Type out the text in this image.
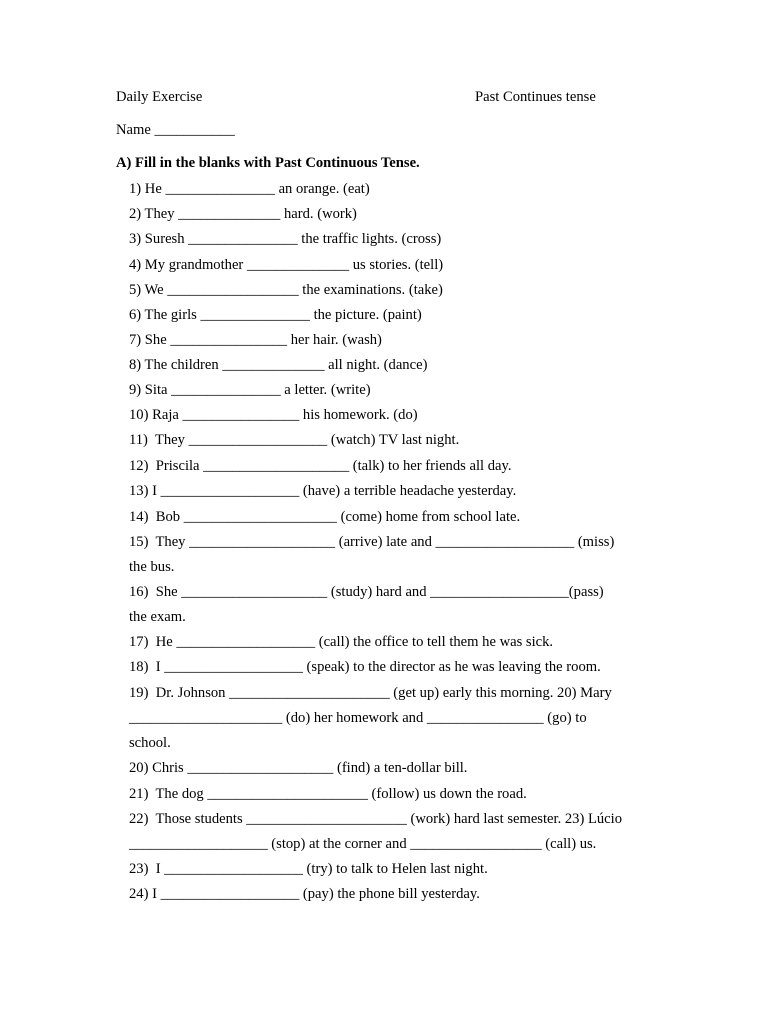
Daily Exercise	Past Continues tense
Name ___________
A) Fill in the blanks with Past Continuous Tense.
1) He _______________ an orange. (eat)
2) They ______________ hard. (work)
3) Suresh _______________ the traffic lights. (cross)
4) My grandmother ______________ us stories. (tell)
5) We __________________ the examinations. (take)
6) The girls _______________ the picture. (paint)
7) She ________________ her hair. (wash)
8) The children ______________ all night. (dance)
9) Sita _______________ a letter. (write)
10) Raja ________________ his homework. (do)
11)  They ___________________ (watch) TV last night.
12)  Priscila ____________________ (talk) to her friends all day.
13) I ___________________ (have) a terrible headache yesterday.
14)  Bob _____________________ (come) home from school late.
15)  They ____________________ (arrive) late and ___________________ (miss)
the bus.
16)  She ____________________ (study) hard and ___________________(pass)
the exam.
17)  He ___________________ (call) the office to tell them he was sick.
18)  I ___________________ (speak) to the director as he was leaving the room.
19)  Dr. Johnson ______________________ (get up) early this morning. 20) Mary
_____________________ (do) her homework and ________________ (go) to
school.
20) Chris ____________________ (find) a ten-dollar bill.
21)  The dog ______________________ (follow) us down the road.
22)  Those students ______________________ (work) hard last semester. 23) Lúcio
___________________ (stop) at the corner and __________________ (call) us.
23)  I ___________________ (try) to talk to Helen last night.
24) I ___________________ (pay) the phone bill yesterday.
